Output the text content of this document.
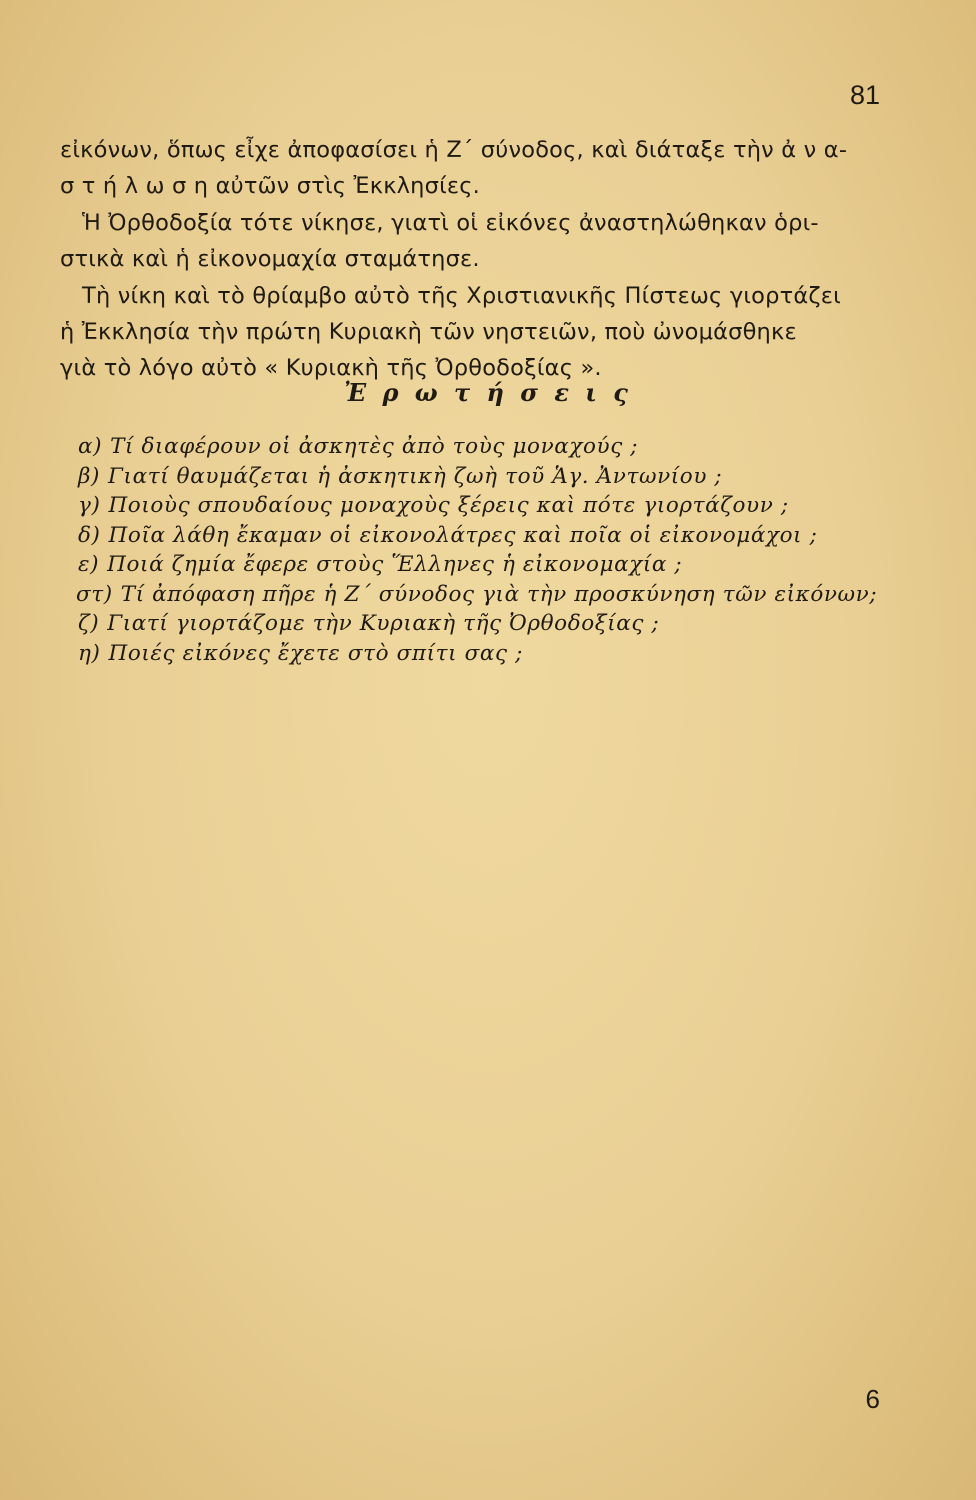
81
εἰκόνων, ὅπως εἶχε ἀποφασίσει ἡ Ζ΄ σύνοδος, καὶ διάταξε τὴν ἀ ν α-
σ τ ή λ ω σ η αὐτῶν στὶς Ἐκκλησίες.
Ἡ Ὀρθοδοξία τότε νίκησε, γιατὶ οἱ εἰκόνες ἀναστηλώθηκαν ὁρι-
στικὰ καὶ ἡ εἰκονομαχία σταμάτησε.
Τὴ νίκη καὶ τὸ θρίαμβο αὐτὸ τῆς Χριστιανικῆς Πίστεως γιορτάζει
ἡ Ἐκκλησία τὴν πρώτη Κυριακὴ τῶν νηστειῶν, ποὺ ὠνομάσθηκε
γιὰ τὸ λόγο αὐτὸ « Κυριακὴ τῆς Ὀρθοδοξίας ».
Ἐ ρ ω τ ή σ ε ι ς
α) Τί διαφέρουν οἱ ἀσκητὲς ἀπὸ τοὺς μοναχούς ;
β) Γιατί θαυμάζεται ἡ ἀσκητικὴ ζωὴ τοῦ Ἁγ. Ἀντωνίου ;
γ) Ποιοὺς σπουδαίους μοναχοὺς ξέρεις καὶ πότε γιορτάζουν ;
δ) Ποῖα λάθη ἔκαμαν οἱ εἰκονολάτρες καὶ ποῖα οἱ εἰκονομάχοι ;
ε) Ποιά ζημία ἔφερε στοὺς Ἕλληνες ἡ εἰκονομαχία ;
στ) Τί ἀπόφαση πῆρε ἡ Ζ΄ σύνοδος γιὰ τὴν προσκύνηση τῶν εἰκόνων;
ζ) Γιατί γιορτάζομε τὴν Κυριακὴ τῆς Ὀρθοδοξίας ;
η) Ποιές εἰκόνες ἔχετε στὸ σπίτι σας ;
6
